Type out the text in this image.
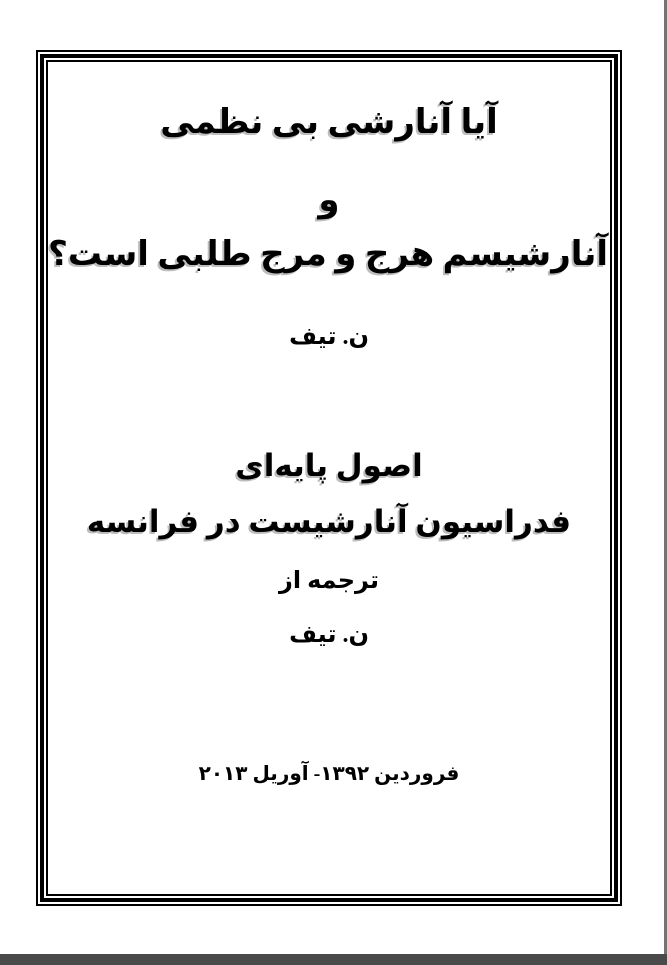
آیا آنارشی بی نظمی
و
آنارشیسم هرج و مرج طلبی است؟
ن. تیف
اصول پایه‌ای
فدراسیون آنارشیست در فرانسه
ترجمه از
ن. تیف
فروردین ۱۳۹۲- آوریل ۲۰۱۳
